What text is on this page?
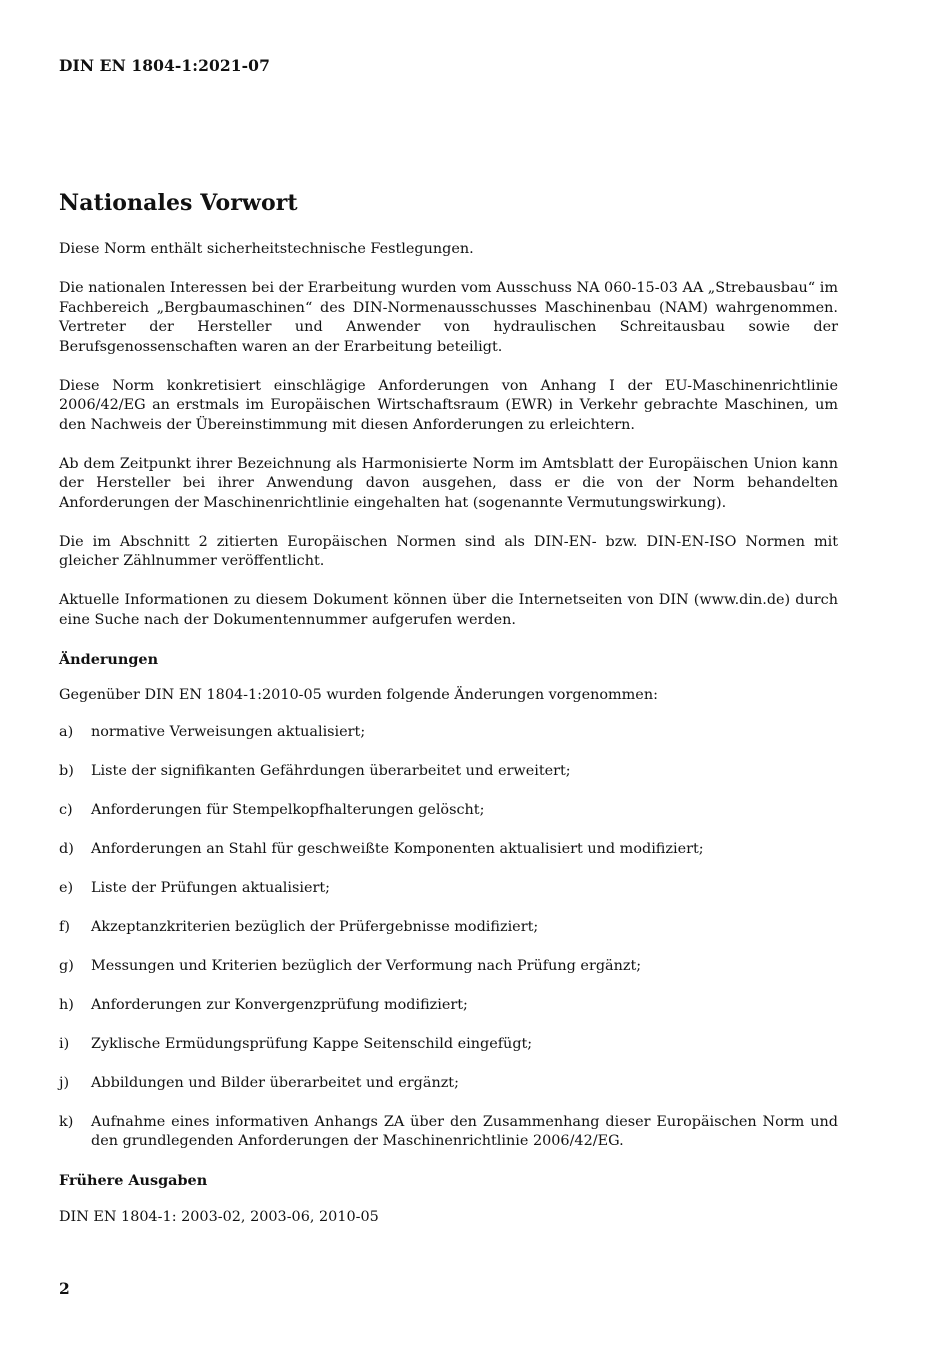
DIN EN 1804-1:2021-07
Nationales Vorwort

Diese Norm enthält sicherheitstechnische Festlegungen.

Die nationalen Interessen bei der Erarbeitung wurden vom Ausschuss NA 060-15-03 AA „Strebausbau“ im Fachbereich „Bergbaumaschinen“ des DIN-Normenausschusses Maschinenbau (NAM) wahrgenommen. Vertreter der Hersteller und Anwender von hydraulischen Schreitausbau sowie der Berufsgenossenschaften waren an der Erarbeitung beteiligt.

Diese Norm konkretisiert einschlägige Anforderungen von Anhang I der EU-Maschinenrichtlinie 2006/42/EG an erstmals im Europäischen Wirtschaftsraum (EWR) in Verkehr gebrachte Maschinen, um den Nachweis der Übereinstimmung mit diesen Anforderungen zu erleichtern.

Ab dem Zeitpunkt ihrer Bezeichnung als Harmonisierte Norm im Amtsblatt der Europäischen Union kann der Hersteller bei ihrer Anwendung davon ausgehen, dass er die von der Norm behandelten Anforderungen der Maschinenrichtlinie eingehalten hat (sogenannte Vermutungswirkung).

Die im Abschnitt 2 zitierten Europäischen Normen sind als DIN-EN- bzw. DIN-EN-ISO Normen mit gleicher Zählnummer veröffentlicht.

Aktuelle Informationen zu diesem Dokument können über die Internetseiten von DIN (www.din.de) durch eine Suche nach der Dokumentennummer aufgerufen werden.

Änderungen

Gegenüber DIN EN 1804-1:2010-05 wurden folgende Änderungen vorgenommen:

a)	normative Verweisungen aktualisiert;
b)	Liste der signifikanten Gefährdungen überarbeitet und erweitert;
c)	Anforderungen für Stempelkopfhalterungen gelöscht;
d)	Anforderungen an Stahl für geschweißte Komponenten aktualisiert und modifiziert;
e)	Liste der Prüfungen aktualisiert;
f)	Akzeptanzkriterien bezüglich der Prüfergebnisse modifiziert;
g)	Messungen und Kriterien bezüglich der Verformung nach Prüfung ergänzt;
h)	Anforderungen zur Konvergenzprüfung modifiziert;
i)	Zyklische Ermüdungsprüfung Kappe Seitenschild eingefügt;
j)	Abbildungen und Bilder überarbeitet und ergänzt;
k)	Aufnahme eines informativen Anhangs ZA über den Zusammenhang dieser Europäischen Norm und den grundlegenden Anforderungen der Maschinenrichtlinie 2006/42/EG.
Frühere Ausgaben

DIN EN 1804-1: 2003-02, 2003-06, 2010-05

2
